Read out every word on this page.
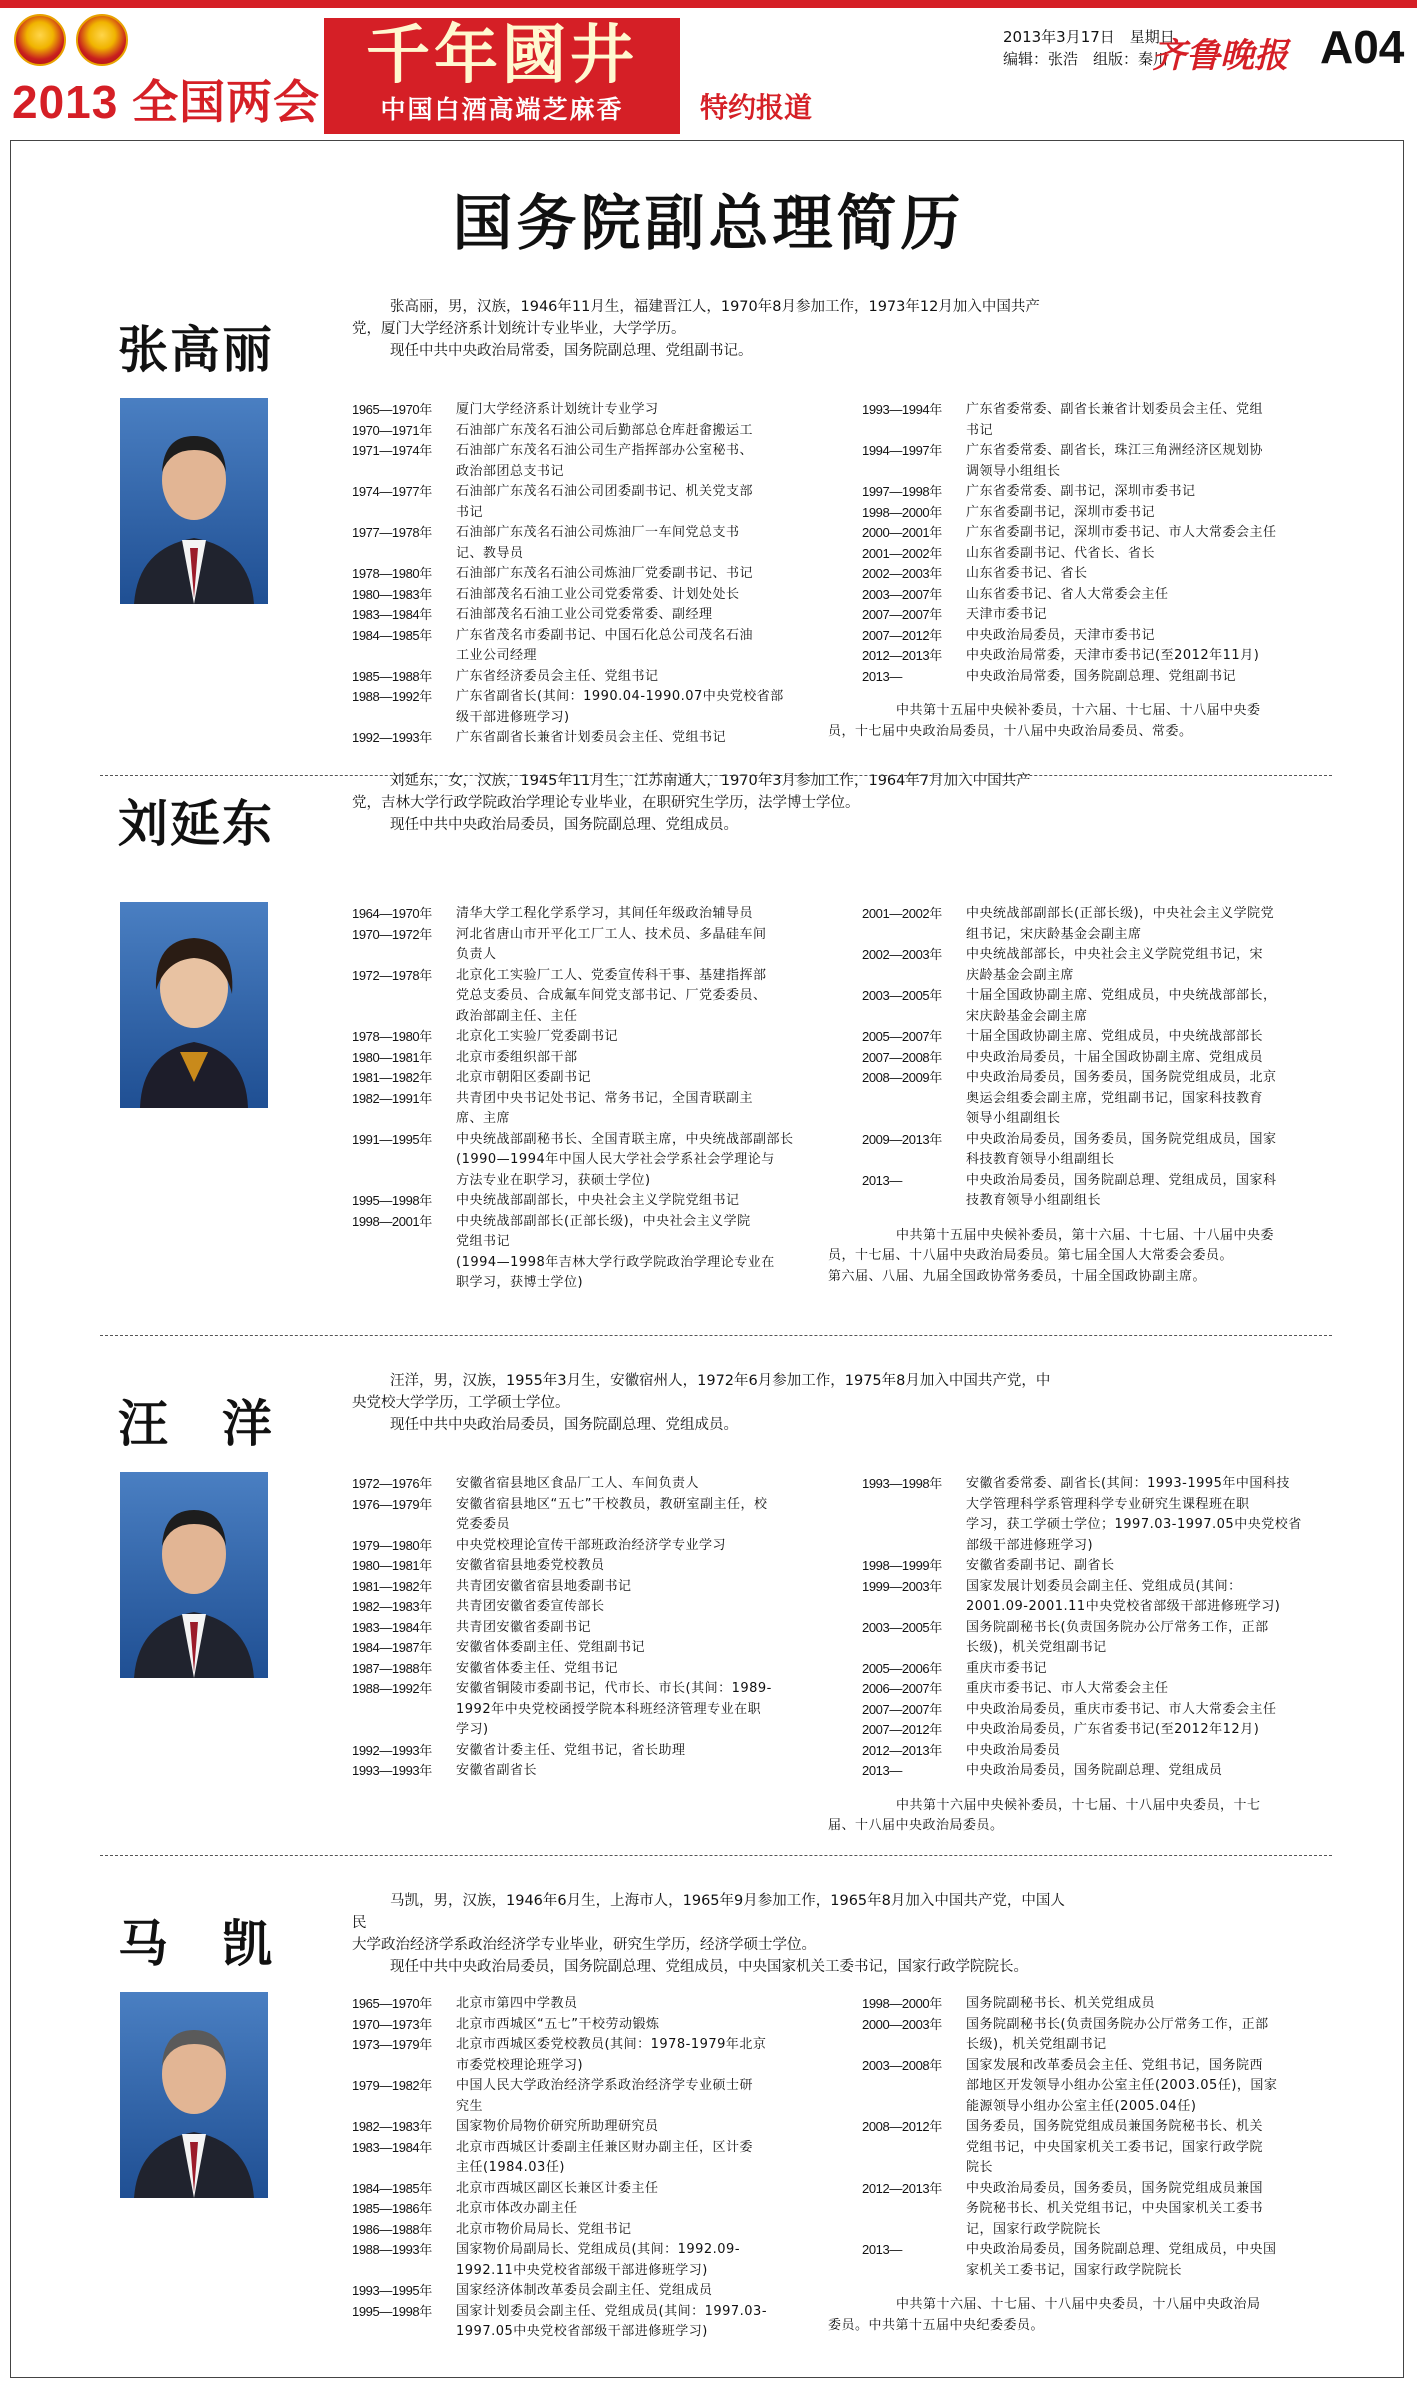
2013 全国两会
千年國井
中国白酒高端芝麻香	特约报道
2013年3月17日　星期日
编辑：张浩　组版：秦川
齐鲁晚报 A04
国务院副总理简历
张高丽
张高丽，男，汉族，1946年11月生，福建晋江人，1970年8月参加工作，1973年12月加入中国共产
党，厦门大学经济系计划统计专业毕业，大学学历。
现任中共中央政治局常委，国务院副总理、党组副书记。
1965—1970年	厦门大学经济系计划统计专业学习
1970—1971年	石油部广东茂名石油公司后勤部总仓库赶畲搬运工
1971—1974年	石油部广东茂名石油公司生产指挥部办公室秘书、
政治部团总支书记
1974—1977年	石油部广东茂名石油公司团委副书记、机关党支部
书记
1977—1978年	石油部广东茂名石油公司炼油厂一车间党总支书
记、教导员
1978—1980年	石油部广东茂名石油公司炼油厂党委副书记、书记
1980—1983年	石油部茂名石油工业公司党委常委、计划处处长
1983—1984年	石油部茂名石油工业公司党委常委、副经理
1984—1985年	广东省茂名市委副书记、中国石化总公司茂名石油
工业公司经理
1985—1988年	广东省经济委员会主任、党组书记
1988—1992年	广东省副省长(其间：1990.04-1990.07中央党校省部
级干部进修班学习)
1992—1993年	广东省副省长兼省计划委员会主任、党组书记
1993—1994年	广东省委常委、副省长兼省计划委员会主任、党组
书记
1994—1997年	广东省委常委、副省长，珠江三角洲经济区规划协
调领导小组组长
1997—1998年	广东省委常委、副书记，深圳市委书记
1998—2000年	广东省委副书记，深圳市委书记
2000—2001年	广东省委副书记，深圳市委书记、市人大常委会主任
2001—2002年	山东省委副书记、代省长、省长
2002—2003年	山东省委书记、省长
2003—2007年	山东省委书记、省人大常委会主任
2007—2007年	天津市委书记
2007—2012年	中央政治局委员，天津市委书记
2012—2013年	中央政治局常委，天津市委书记(至2012年11月)
2013—	中央政治局常委，国务院副总理、党组副书记
中共第十五届中央候补委员，十六届、十七届、十八届中央委
员，十七届中央政治局委员，十八届中央政治局委员、常委。
刘延东
刘延东，女，汉族，1945年11月生，江苏南通人，1970年3月参加工作，1964年7月加入中国共产
党，吉林大学行政学院政治学理论专业毕业，在职研究生学历，法学博士学位。
现任中共中央政治局委员，国务院副总理、党组成员。
1964—1970年	清华大学工程化学系学习，其间任年级政治辅导员
1970—1972年	河北省唐山市开平化工厂工人、技术员、多晶硅车间
负责人
1972—1978年	北京化工实验厂工人、党委宣传科干事、基建指挥部
党总支委员、合成氟车间党支部书记、厂党委委员、
政治部副主任、主任
1978—1980年	北京化工实验厂党委副书记
1980—1981年	北京市委组织部干部
1981—1982年	北京市朝阳区委副书记
1982—1991年	共青团中央书记处书记、常务书记，全国青联副主
席、主席
1991—1995年	中央统战部副秘书长、全国青联主席，中央统战部副部长
(1990—1994年中国人民大学社会学系社会学理论与
方法专业在职学习，获硕士学位)
1995—1998年	中央统战部副部长，中央社会主义学院党组书记
1998—2001年	中央统战部副部长(正部长级)，中央社会主义学院
党组书记
(1994—1998年吉林大学行政学院政治学理论专业在
职学习，获博士学位)
2001—2002年	中央统战部副部长(正部长级)，中央社会主义学院党
组书记，宋庆龄基金会副主席
2002—2003年	中央统战部部长，中央社会主义学院党组书记，宋
庆龄基金会副主席
2003—2005年	十届全国政协副主席、党组成员，中央统战部部长，
宋庆龄基金会副主席
2005—2007年	十届全国政协副主席、党组成员，中央统战部部长
2007—2008年	中央政治局委员，十届全国政协副主席、党组成员
2008—2009年	中央政治局委员，国务委员，国务院党组成员，北京
奥运会组委会副主席，党组副书记，国家科技教育
领导小组副组长
2009—2013年	中央政治局委员，国务委员，国务院党组成员，国家
科技教育领导小组副组长
2013—	中央政治局委员，国务院副总理、党组成员，国家科
技教育领导小组副组长
中共第十五届中央候补委员，第十六届、十七届、十八届中央委
员，十七届、十八届中央政治局委员。第七届全国人大常委会委员。
第六届、八届、九届全国政协常务委员，十届全国政协副主席。
汪　洋
汪洋，男，汉族，1955年3月生，安徽宿州人，1972年6月参加工作，1975年8月加入中国共产党，中
央党校大学学历，工学硕士学位。
现任中共中央政治局委员，国务院副总理、党组成员。
1972—1976年	安徽省宿县地区食品厂工人、车间负责人
1976—1979年	安徽省宿县地区“五七”干校教员，教研室副主任，校
党委委员
1979—1980年	中央党校理论宣传干部班政治经济学专业学习
1980—1981年	安徽省宿县地委党校教员
1981—1982年	共青团安徽省宿县地委副书记
1982—1983年	共青团安徽省委宣传部长
1983—1984年	共青团安徽省委副书记
1984—1987年	安徽省体委副主任、党组副书记
1987—1988年	安徽省体委主任、党组书记
1988—1992年	安徽省铜陵市委副书记，代市长、市长(其间：1989-
1992年中央党校函授学院本科班经济管理专业在职
学习)
1992—1993年	安徽省计委主任、党组书记，省长助理
1993—1993年	安徽省副省长
1993—1998年	安徽省委常委、副省长(其间：1993-1995年中国科技
大学管理科学系管理科学专业研究生课程班在职
学习，获工学硕士学位；1997.03-1997.05中央党校省
部级干部进修班学习)
1998—1999年	安徽省委副书记、副省长
1999—2003年	国家发展计划委员会副主任、党组成员(其间：
2001.09-2001.11中央党校省部级干部进修班学习)
2003—2005年	国务院副秘书长(负责国务院办公厅常务工作，正部
长级)，机关党组副书记
2005—2006年	重庆市委书记
2006—2007年	重庆市委书记、市人大常委会主任
2007—2007年	中央政治局委员，重庆市委书记、市人大常委会主任
2007—2012年	中央政治局委员，广东省委书记(至2012年12月)
2012—2013年	中央政治局委员
2013—	中央政治局委员，国务院副总理、党组成员
中共第十六届中央候补委员，十七届、十八届中央委员，十七
届、十八届中央政治局委员。
马　凯
马凯，男，汉族，1946年6月生，上海市人，1965年9月参加工作，1965年8月加入中国共产党，中国人民
大学政治经济学系政治经济学专业毕业，研究生学历，经济学硕士学位。
现任中共中央政治局委员，国务院副总理、党组成员，中央国家机关工委书记，国家行政学院院长。
1965—1970年	北京市第四中学教员
1970—1973年	北京市西城区“五七”干校劳动锻炼
1973—1979年	北京市西城区委党校教员(其间：1978-1979年北京
市委党校理论班学习)
1979—1982年	中国人民大学政治经济学系政治经济学专业硕士研
究生
1982—1983年	国家物价局物价研究所助理研究员
1983—1984年	北京市西城区计委副主任兼区财办副主任，区计委
主任(1984.03任)
1984—1985年	北京市西城区副区长兼区计委主任
1985—1986年	北京市体改办副主任
1986—1988年	北京市物价局局长、党组书记
1988—1993年	国家物价局副局长、党组成员(其间：1992.09-
1992.11中央党校省部级干部进修班学习)
1993—1995年	国家经济体制改革委员会副主任、党组成员
1995—1998年	国家计划委员会副主任、党组成员(其间：1997.03-
1997.05中央党校省部级干部进修班学习)
1998—2000年	国务院副秘书长、机关党组成员
2000—2003年	国务院副秘书长(负责国务院办公厅常务工作，正部
长级)，机关党组副书记
2003—2008年	国家发展和改革委员会主任、党组书记，国务院西
部地区开发领导小组办公室主任(2003.05任)，国家
能源领导小组办公室主任(2005.04任)
2008—2012年	国务委员，国务院党组成员兼国务院秘书长、机关
党组书记，中央国家机关工委书记，国家行政学院
院长
2012—2013年	中央政治局委员，国务委员，国务院党组成员兼国
务院秘书长、机关党组书记，中央国家机关工委书
记，国家行政学院院长
2013—	中央政治局委员，国务院副总理、党组成员，中央国
家机关工委书记，国家行政学院院长
中共第十六届、十七届、十八届中央委员，十八届中央政治局
委员。中共第十五届中央纪委委员。
